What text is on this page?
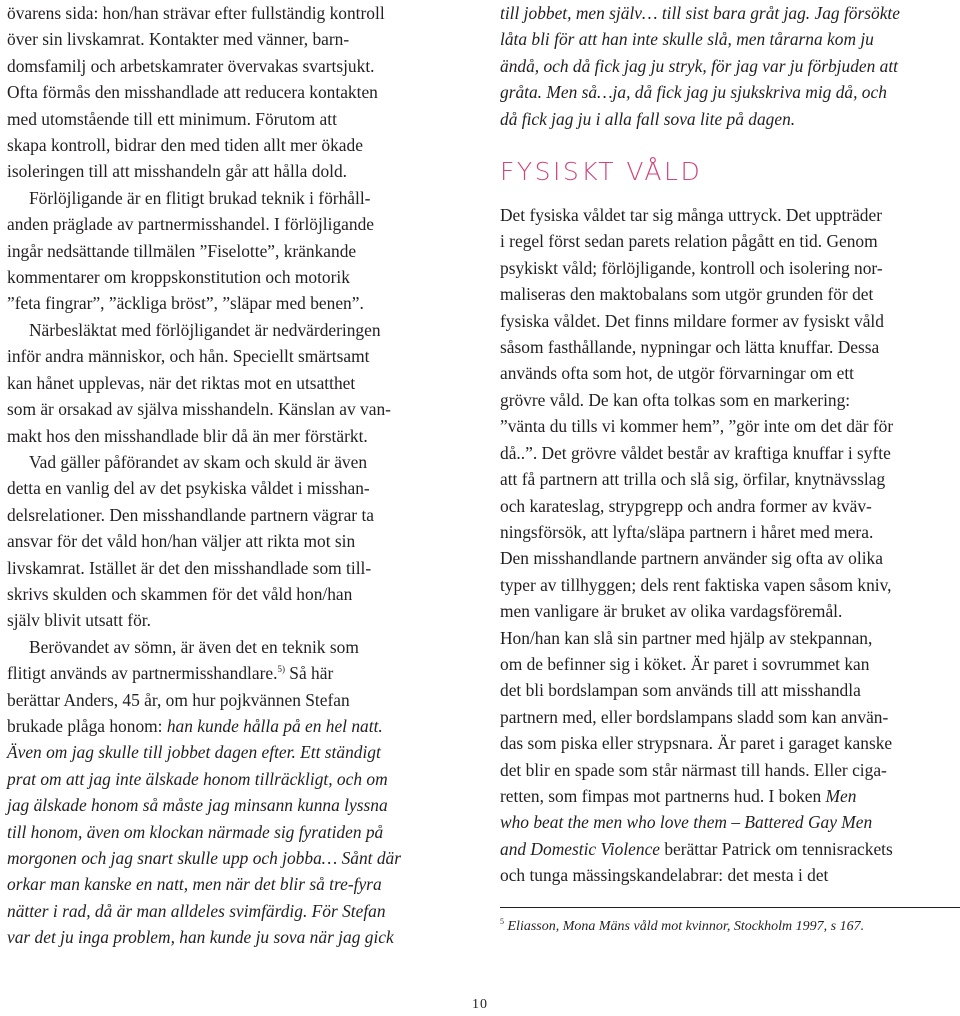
övarens sida: hon/han strävar efter fullständig kontroll
över sin livskamrat. Kontakter med vänner, barn-
domsfamilj och arbetskamrater övervakas svartsjukt.
Ofta förmås den misshandlade att reducera kontakten
med utomstående till ett minimum. Förutom att
skapa kontroll, bidrar den med tiden allt mer ökade
isoleringen till att misshandeln går att hålla dold.

Förlöjligande är en flitigt brukad teknik i förhåll-
anden präglade av partnermisshandel. I förlöjligande
ingår nedsättande tillmälen ”Fiselotte”, kränkande
kommentarer om kroppskonstitution och motorik
”feta fingrar”, ”äckliga bröst”, ”släpar med benen”.

Närbesläktat med förlöjligandet är nedvärderingen
inför andra människor, och hån. Speciellt smärtsamt
kan hånet upplevas, när det riktas mot en utsatthet
som är orsakad av själva misshandeln. Känslan av van-
makt hos den misshandlade blir då än mer förstärkt.

Vad gäller påförandet av skam och skuld är även
detta en vanlig del av det psykiska våldet i misshan-
delsrelationer. Den misshandlande partnern vägrar ta
ansvar för det våld hon/han väljer att rikta mot sin
livskamrat. Istället är det den misshandlade som till-
skrivs skulden och skammen för det våld hon/han
själv blivit utsatt för.

Berövandet av sömn, är även det en teknik som
flitigt används av partnermisshandlare.$^{5)}$ Så här
berättar Anders, 45 år, om hur pojkvännen Stefan
brukade plåga honom: han kunde hålla på en hel natt.
Även om jag skulle till jobbet dagen efter. Ett ständigt
prat om att jag inte älskade honom tillräckligt, och om
jag älskade honom så måste jag minsann kunna lyssna
till honom, även om klockan närmade sig fyratiden på
morgonen och jag snart skulle upp och jobba… Sånt där
orkar man kanske en natt, men när det blir så tre-fyra
nätter i rad, då är man alldeles svimfärdig. För Stefan
var det ju inga problem, han kunde ju sova när jag gick

till jobbet, men själv… till sist bara gråt jag. Jag försökte
låta bli för att han inte skulle slå, men tårarna kom ju
ändå, och då fick jag ju stryk, för jag var ju förbjuden att
gråta. Men så…ja, då fick jag ju sjukskriva mig då, och
då fick jag ju i alla fall sova lite på dagen.

FYSISKT VÅLD

Det fysiska våldet tar sig många uttryck. Det uppträder
i regel först sedan parets relation pågått en tid. Genom
psykiskt våld; förlöjligande, kontroll och isolering nor-
maliseras den maktobalans som utgör grunden för det
fysiska våldet. Det finns mildare former av fysiskt våld
såsom fasthållande, nypningar och lätta knuffar. Dessa
används ofta som hot, de utgör förvarningar om ett
grövre våld. De kan ofta tolkas som en markering:
”vänta du tills vi kommer hem”, ”gör inte om det där för
då..”. Det grövre våldet består av kraftiga knuffar i syfte
att få partnern att trilla och slå sig, örfilar, knytnävsslag
och karateslag, strypgrepp och andra former av kväv-
ningsförsök, att lyfta/släpa partnern i håret med mera.
Den misshandlande partnern använder sig ofta av olika
typer av tillhyggen; dels rent faktiska vapen såsom kniv,
men vanligare är bruket av olika vardagsföremål.
Hon/han kan slå sin partner med hjälp av stekpannan,
om de befinner sig i köket. Är paret i sovrummet kan
det bli bordslampan som används till att misshandla
partnern med, eller bordslampans sladd som kan använ-
das som piska eller strypsnara. Är paret i garaget kanske
det blir en spade som står närmast till hands. Eller ciga-
retten, som fimpas mot partnerns hud. I boken Men
who beat the men who love them – Battered Gay Men
and Domestic Violence berättar Patrick om tennisrackets
och tunga mässingskandelabrar: det mesta i det

$^5$ Eliasson, Mona Mäns våld mot kvinnor, Stockholm 1997, s 167.
10
